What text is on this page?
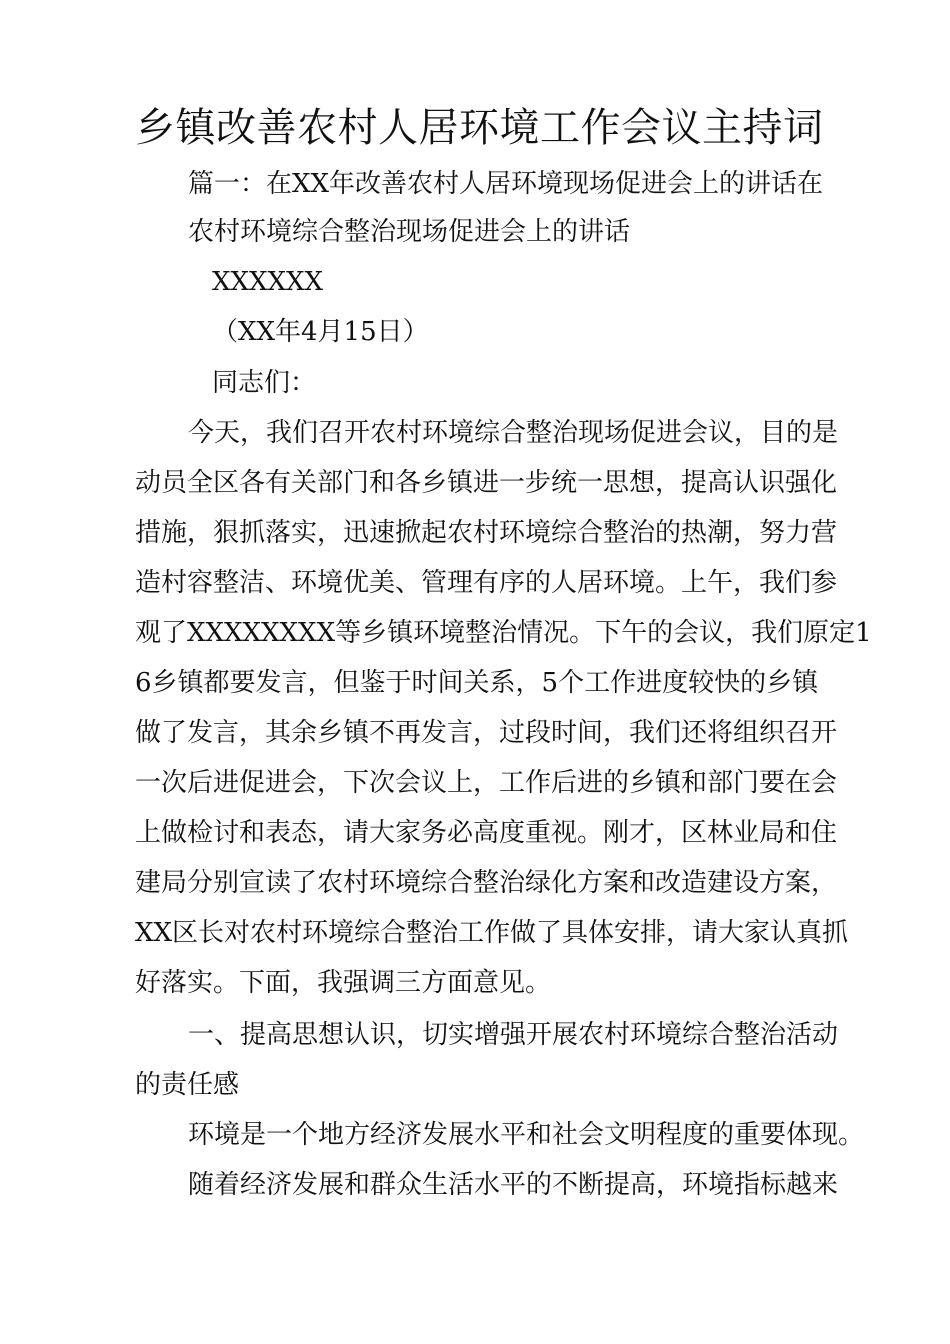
乡镇改善农村人居环境工作会议主持词
篇一：在XX年改善农村人居环境现场促进会上的讲话在
农村环境综合整治现场促进会上的讲话
XXXXXX
（XX年4月15日）
同志们：
今天，我们召开农村环境综合整治现场促进会议，目的是
动员全区各有关部门和各乡镇进一步统一思想，提高认识强化
措施，狠抓落实，迅速掀起农村环境综合整治的热潮，努力营
造村容整洁、环境优美、管理有序的人居环境。上午，我们参
观了XXXXXXXX等乡镇环境整治情况。下午的会议，我们原定1
6乡镇都要发言，但鉴于时间关系，5个工作进度较快的乡镇
做了发言，其余乡镇不再发言，过段时间，我们还将组织召开
一次后进促进会，下次会议上，工作后进的乡镇和部门要在会
上做检讨和表态，请大家务必高度重视。刚才，区林业局和住
建局分别宣读了农村环境综合整治绿化方案和改造建设方案，
XX区长对农村环境综合整治工作做了具体安排，请大家认真抓
好落实。下面，我强调三方面意见。
一、提高思想认识，切实增强开展农村环境综合整治活动
的责任感
环境是一个地方经济发展水平和社会文明程度的重要体现。
随着经济发展和群众生活水平的不断提高，环境指标越来
